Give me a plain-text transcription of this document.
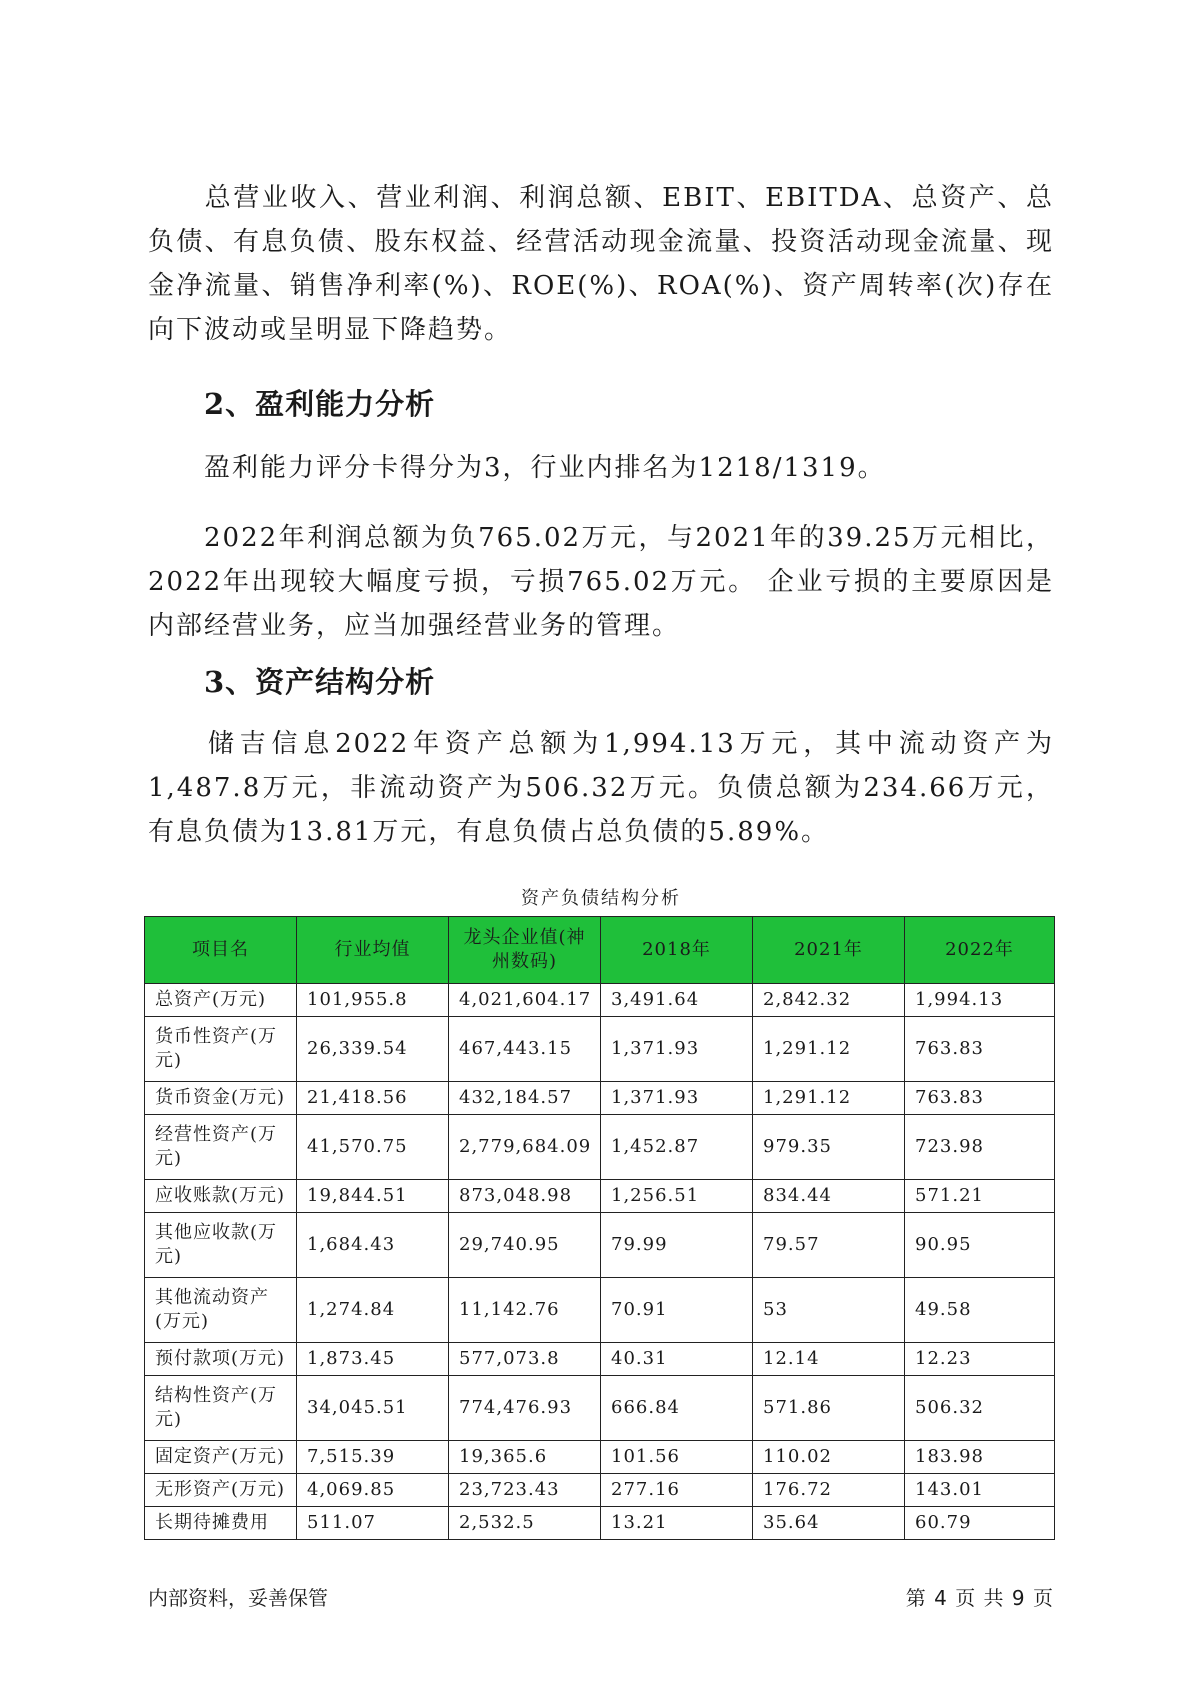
总营业收入、营业利润、利润总额、EBIT、EBITDA、总资产、总负债、有息负债、股东权益、经营活动现金流量、投资活动现金流量、现金净流量、销售净利率(%)、ROE(%)、ROA(%)、资产周转率(次)存在向下波动或呈明显下降趋势。
2、盈利能力分析
盈利能力评分卡得分为3，行业内排名为1218/1319。
2022年利润总额为负765.02万元，与2021年的39.25万元相比，2022年出现较大幅度亏损，亏损765.02万元。 企业亏损的主要原因是内部经营业务，应当加强经营业务的管理。
3、资产结构分析
储吉信息2022年资产总额为1,994.13万元，其中流动资产为1,487.8万元，非流动资产为506.32万元。负债总额为234.66万元，有息负债为13.81万元，有息负债占总负债的5.89%。
资产负债结构分析
项目名	行业均值	龙头企业值(神州数码)	2018年	2021年	2022年
总资产(万元)	101,955.8	4,021,604.17	3,491.64	2,842.32	1,994.13
货币性资产(万元)	26,339.54	467,443.15	1,371.93	1,291.12	763.83
货币资金(万元)	21,418.56	432,184.57	1,371.93	1,291.12	763.83
经营性资产(万元)	41,570.75	2,779,684.09	1,452.87	979.35	723.98
应收账款(万元)	19,844.51	873,048.98	1,256.51	834.44	571.21
其他应收款(万元)	1,684.43	29,740.95	79.99	79.57	90.95
其他流动资产(万元)	1,274.84	11,142.76	70.91	53	49.58
预付款项(万元)	1,873.45	577,073.8	40.31	12.14	12.23
结构性资产(万元)	34,045.51	774,476.93	666.84	571.86	506.32
固定资产(万元)	7,515.39	19,365.6	101.56	110.02	183.98
无形资产(万元)	4,069.85	23,723.43	277.16	176.72	143.01
长期待摊费用	511.07	2,532.5	13.21	35.64	60.79
内部资料，妥善保管	第 4 页 共 9 页
